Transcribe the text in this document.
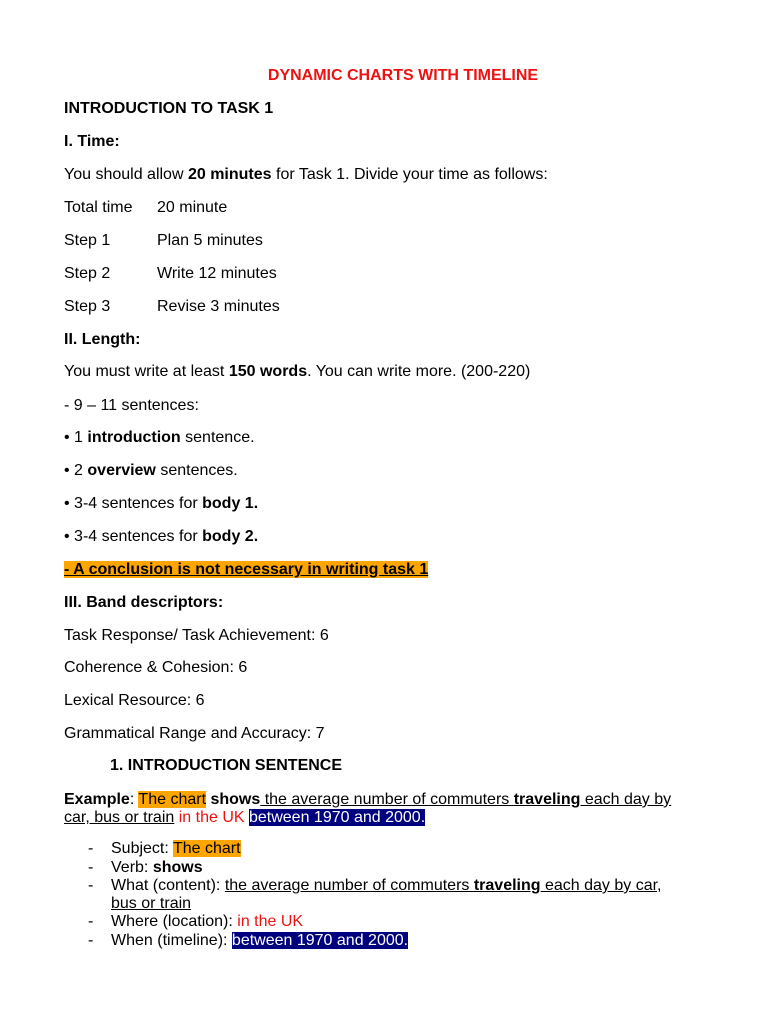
DYNAMIC CHARTS WITH TIMELINE
INTRODUCTION TO TASK 1
I. Time:
You should allow 20 minutes for Task 1. Divide your time as follows:
Total time 20 minute
Step 1	Plan 5 minutes
Step 2	Write 12 minutes
Step 3	Revise 3 minutes
II. Length:
You must write at least 150 words. You can write more. (200-220)
- 9 – 11 sentences:
• 1 introduction sentence.
• 2 overview sentences.
• 3-4 sentences for body 1.
• 3-4 sentences for body 2.
- A conclusion is not necessary in writing task 1
III. Band descriptors:
Task Response/ Task Achievement: 6
Coherence & Cohesion: 6
Lexical Resource: 6
Grammatical Range and Accuracy: 7
1. INTRODUCTION SENTENCE
Example: The chart shows the average number of commuters traveling each day by
car, bus or train in the UK between 1970 and 2000.
- Subject: The chart
- Verb: shows
- What (content): the average number of commuters traveling each day by car,
bus or train
- Where (location): in the UK
- When (timeline): between 1970 and 2000.
